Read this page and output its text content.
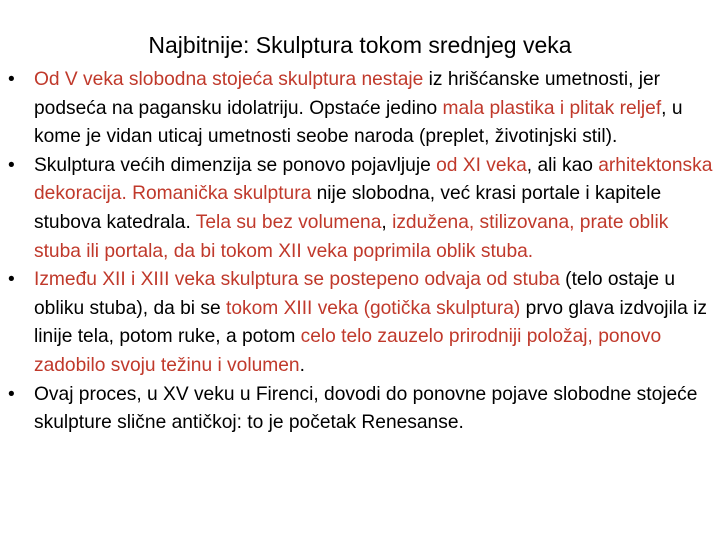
Najbitnije: Skulptura tokom srednjeg veka
•	Od V veka slobodna stojeća skulptura nestaje iz hrišćanske umetnosti, jer podseća na pagansku idolatriju. Opstaće jedino mala plastika i plitak reljef, u kome je vidan uticaj umetnosti seobe naroda (preplet, životinjski stil).
•	Skulptura većih dimenzija se ponovo pojavljuje od XI veka, ali kao arhitektonska dekoracija. Romanička skulptura nije slobodna, već krasi portale i kapitele stubova katedrala. Tela su bez volumena, izdužena, stilizovana, prate oblik stuba ili portala, da bi tokom XII veka poprimila oblik stuba.
•	Između XII i XIII veka skulptura se postepeno odvaja od stuba (telo ostaje u obliku stuba), da bi se tokom XIII veka (gotička skulptura) prvo glava izdvojila iz linije tela, potom ruke, a potom celo telo zauzelo prirodniji položaj, ponovo zadobilo svoju težinu i volumen.
•	Ovaj proces, u XV veku u Firenci, dovodi do ponovne pojave slobodne stojeće skulpture slične antičkoj: to je početak Renesanse.
